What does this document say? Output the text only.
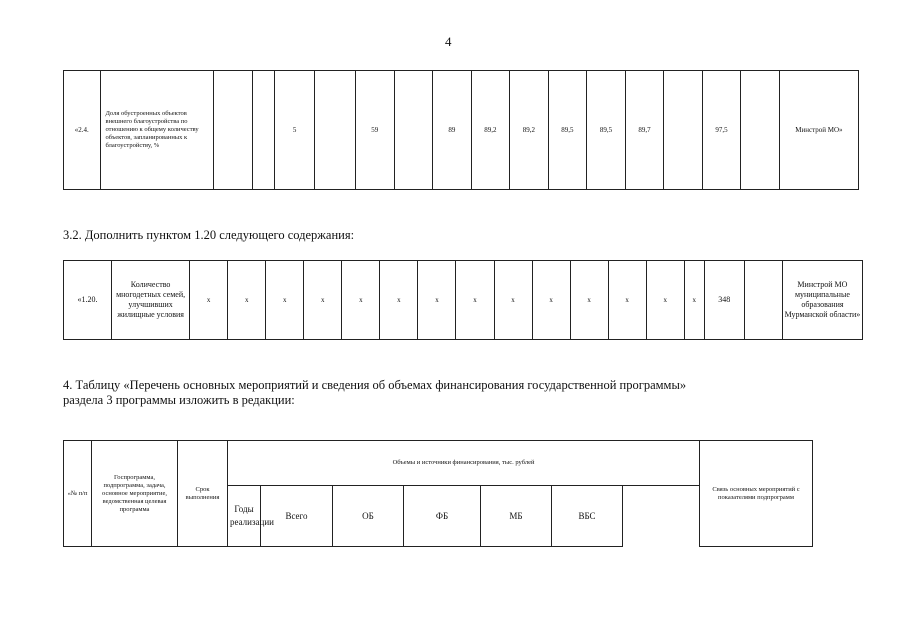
4
«2.4.	Доля обустроенных объектов внешнего благоустройства по отношению к общему количеству объектов, запланированных к благоустройству, %			5		59		89	89,2	89,2	89,5	89,5	89,7		97,5		Минстрой МО»
3.2. Дополнить пунктом 1.20 следующего содержания:
«1.20.	Количество многодетных семей, улучшивших жилищные условия	x	x	x	x	x	x	x	x	x	x	x	x	x	x	348		Минстрой МО муниципальные образования Мурманской области»
4. Таблицу «Перечень основных мероприятий и сведения об объемах финансирования государственной программы»
раздела 3 программы изложить в редакции:
«№ п/п	Госпрограмма, подпрограмма, задача, основное мероприятие, ведомственная целевая программа	Срок выполнения	Объемы и источники финансирования, тыс. рублей						Связь основных мероприятий с показателями подпрограмм	
			Годы реализации	Всего	ОБ	ФБ	МБ	ВБС		
